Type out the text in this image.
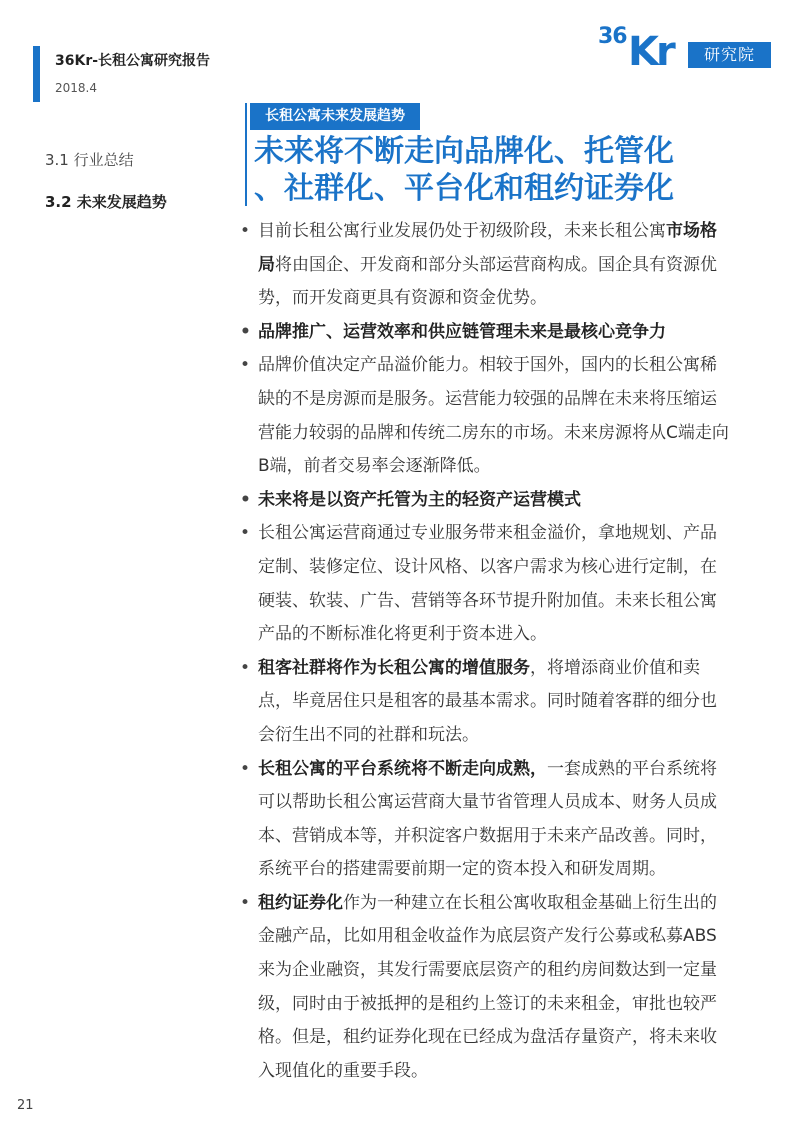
36Kr-长租公寓研究报告
2018.4
36 Kr	研究院
3.1 行业总结
3.2 未来发展趋势
长租公寓未来发展趋势
未来将不断走向品牌化、托管化
、社群化、平台化和租约证券化
• 目前长租公寓行业发展仍处于初级阶段，未来长租公寓市场格局将由国企、开发商和部分头部运营商构成。国企具有资源优势，而开发商更具有资源和资金优势。
• 品牌推广、运营效率和供应链管理未来是最核心竞争力
• 品牌价值决定产品溢价能力。相较于国外，国内的长租公寓稀缺的不是房源而是服务。运营能力较强的品牌在未来将压缩运营能力较弱的品牌和传统二房东的市场。未来房源将从C端走向B端，前者交易率会逐渐降低。
• 未来将是以资产托管为主的轻资产运营模式
• 长租公寓运营商通过专业服务带来租金溢价，拿地规划、产品定制、装修定位、设计风格、以客户需求为核心进行定制，在硬装、软装、广告、营销等各环节提升附加值。未来长租公寓产品的不断标准化将更利于资本进入。
• 租客社群将作为长租公寓的增值服务，将增添商业价值和卖点，毕竟居住只是租客的最基本需求。同时随着客群的细分也会衍生出不同的社群和玩法。
• 长租公寓的平台系统将不断走向成熟，一套成熟的平台系统将可以帮助长租公寓运营商大量节省管理人员成本、财务人员成本、营销成本等，并积淀客户数据用于未来产品改善。同时，系统平台的搭建需要前期一定的资本投入和研发周期。
• 租约证券化作为一种建立在长租公寓收取租金基础上衍生出的金融产品，比如用租金收益作为底层资产发行公募或私募ABS来为企业融资，其发行需要底层资产的租约房间数达到一定量级，同时由于被抵押的是租约上签订的未来租金，审批也较严格。但是，租约证券化现在已经成为盘活存量资产，将未来收入现值化的重要手段。
21
